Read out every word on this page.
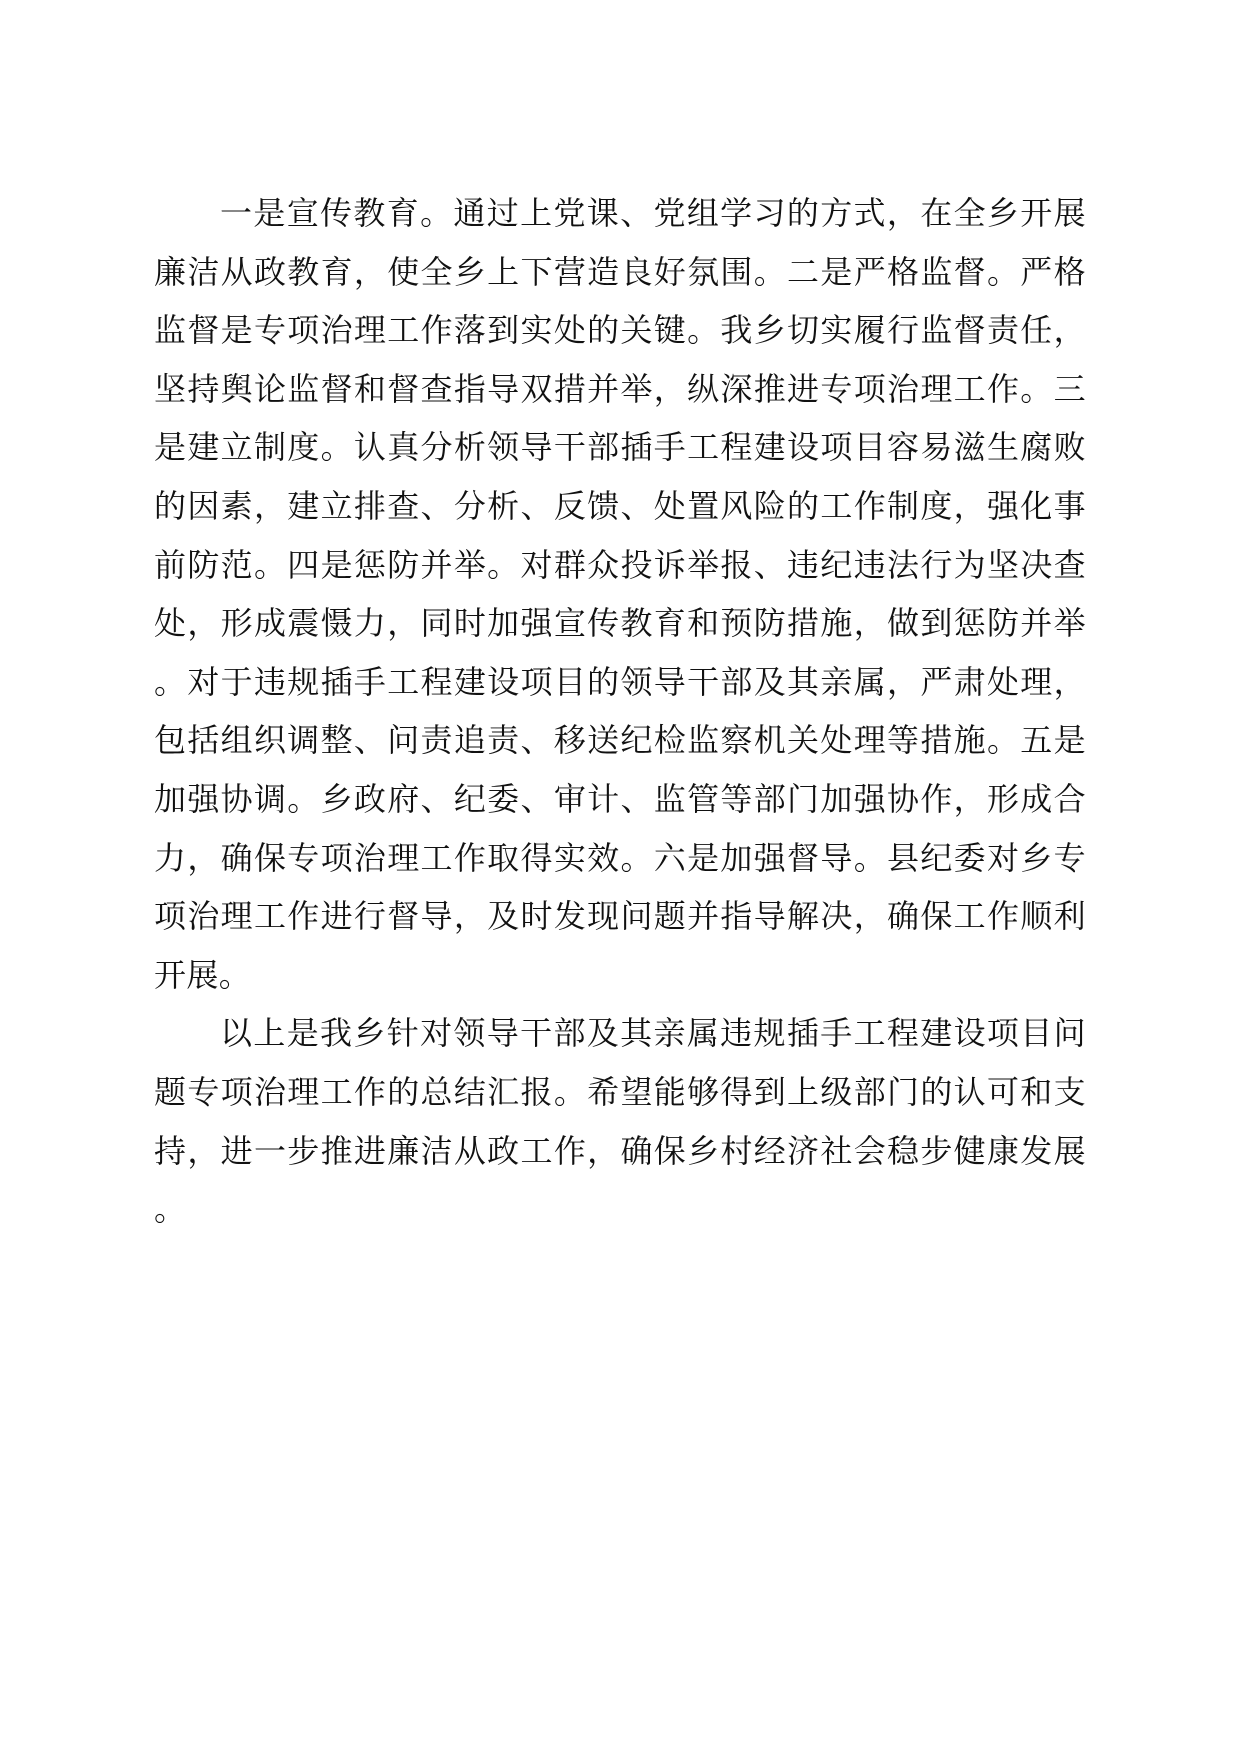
一是宣传教育。通过上党课、党组学习的方式，在全乡开展廉洁从政教育，使全乡上下营造良好氛围。二是严格监督。严格监督是专项治理工作落到实处的关键。我乡切实履行监督责任，坚持舆论监督和督查指导双措并举，纵深推进专项治理工作。三是建立制度。认真分析领导干部插手工程建设项目容易滋生腐败的因素，建立排查、分析、反馈、处置风险的工作制度，强化事前防范。四是惩防并举。对群众投诉举报、违纪违法行为坚决查处，形成震慑力，同时加强宣传教育和预防措施，做到惩防并举。对于违规插手工程建设项目的领导干部及其亲属，严肃处理，包括组织调整、问责追责、移送纪检监察机关处理等措施。五是加强协调。乡政府、纪委、审计、监管等部门加强协作，形成合力，确保专项治理工作取得实效。六是加强督导。县纪委对乡专项治理工作进行督导，及时发现问题并指导解决，确保工作顺利开展。

以上是我乡针对领导干部及其亲属违规插手工程建设项目问题专项治理工作的总结汇报。希望能够得到上级部门的认可和支持，进一步推进廉洁从政工作，确保乡村经济社会稳步健康发展。
